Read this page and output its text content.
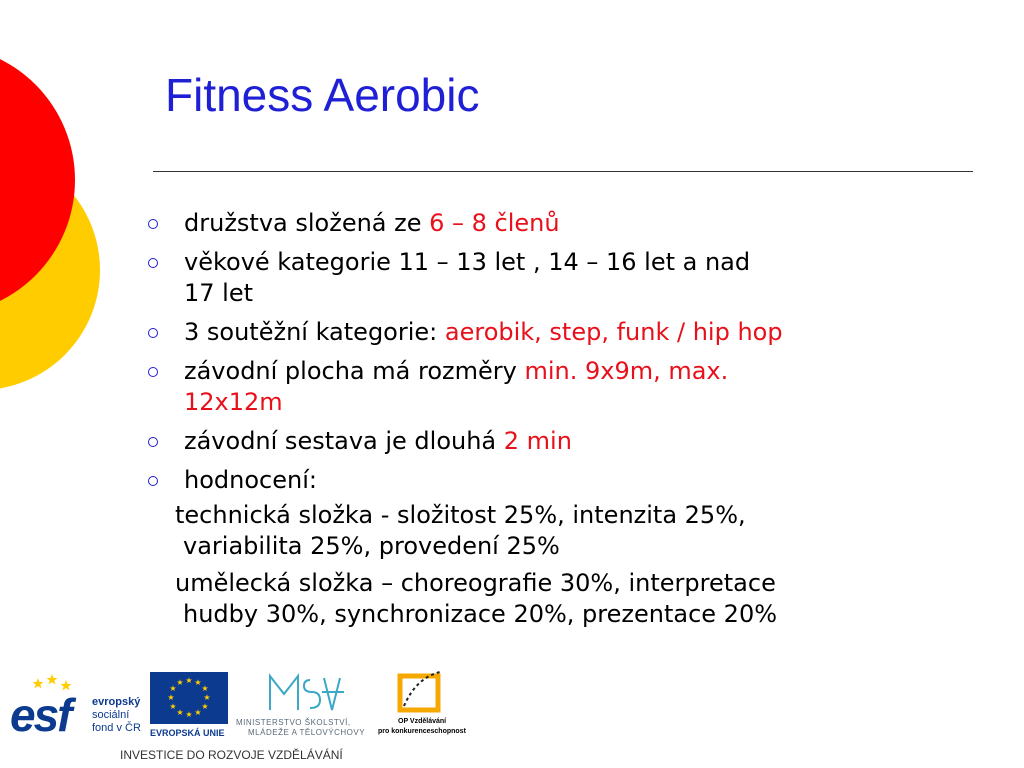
Fitness Aerobic
družstva složená ze 6 – 8 členů
věkové kategorie 11 – 13 let , 14 – 16 let a nad
17 let
3 soutěžní kategorie: aerobik, step, funk / hip hop
závodní plocha má rozměry min. 9x9m, max.
12x12m
závodní sestava je dlouhá 2 min
hodnocení:
technická složka - složitost 25%, intenzita 25%,
variabilita 25%, provedení 25%
umělecká složka – choreografie 30%, interpretace
hudby 30%, synchronizace 20%, prezentace 20%
esf evropský
sociální
fond v ČR
★ ★
★
★
★
★
★
★
★
★
★
★
EVROPSKÁ UNIE
MINISTERSTVO ŠKOLSTVÍ,
MLÁDEŽE A TĚLOVÝCHOVY
OP Vzdělávání
pro konkurenceschopnost
INVESTICE DO ROZVOJE VZDĚLÁVÁNÍ
